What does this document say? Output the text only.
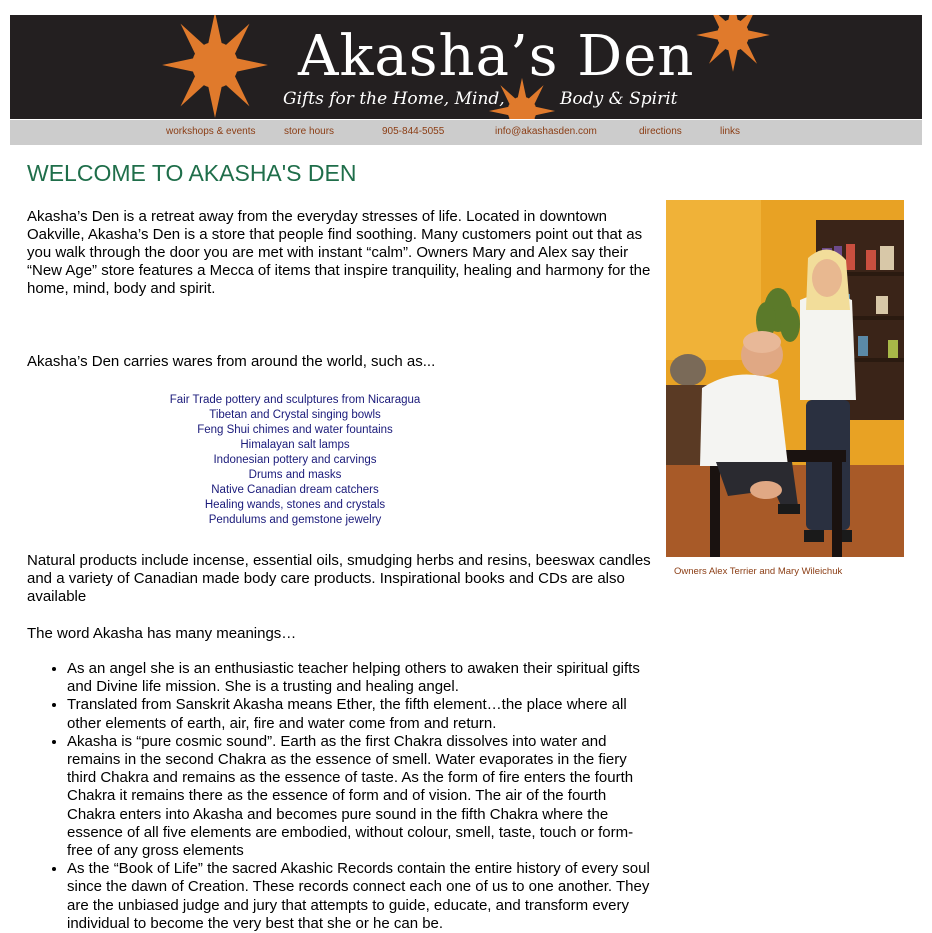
Akasha’s Den
Gifts for the Home, Mind,	Body & Spirit
workshops & events	store hours	905-844-5055	info@akashasden.com	directions	links
WELCOME TO AKASHA'S DEN

Akasha’s Den is a retreat away from the everyday stresses of life. Located in downtown Oakville, Akasha’s Den is a store that people find soothing. Many customers point out that as you walk through the door you are met with instant “calm”. Owners Mary and Alex say their “New Age” store features a Mecca of items that inspire tranquility, healing and harmony for the home, mind, body and spirit.

Akasha’s Den carries wares from around the world, such as...

Fair Trade pottery and sculptures from Nicaragua
Tibetan and Crystal singing bowls
Feng Shui chimes and water fountains
Himalayan salt lamps
Indonesian pottery and carvings
Drums and masks
Native Canadian dream catchers
Healing wands, stones and crystals
Pendulums and gemstone jewelry

Natural products include incense, essential oils, smudging herbs and resins, beeswax candles and a variety of Canadian made body care products. Inspirational books and CDs are also available

The word Akasha has many meanings…

• As an angel she is an enthusiastic teacher helping others to awaken their spiritual gifts and Divine life mission. She is a trusting and healing angel.
• Translated from Sanskrit Akasha means Ether, the fifth element…the place where all other elements of earth, air, fire and water come from and return.
• Akasha is “pure cosmic sound”. Earth as the first Chakra dissolves into water and remains in the second Chakra as the essence of smell. Water evaporates in the fiery third Chakra and remains as the essence of taste. As the form of fire enters the fourth Chakra it remains there as the essence of form and of vision. The air of the fourth Chakra enters into Akasha and becomes pure sound in the fifth Chakra where the essence of all five elements are embodied, without colour, smell, taste, touch or form-free of any gross elements
• As the “Book of Life” the sacred Akashic Records contain the entire history of every soul since the dawn of Creation. These records connect each one of us to one another. They are the unbiased judge and jury that attempts to guide, educate, and transform every individual to become the very best that she or he can be.
Owners Alex Terrier and Mary Wileichuk
